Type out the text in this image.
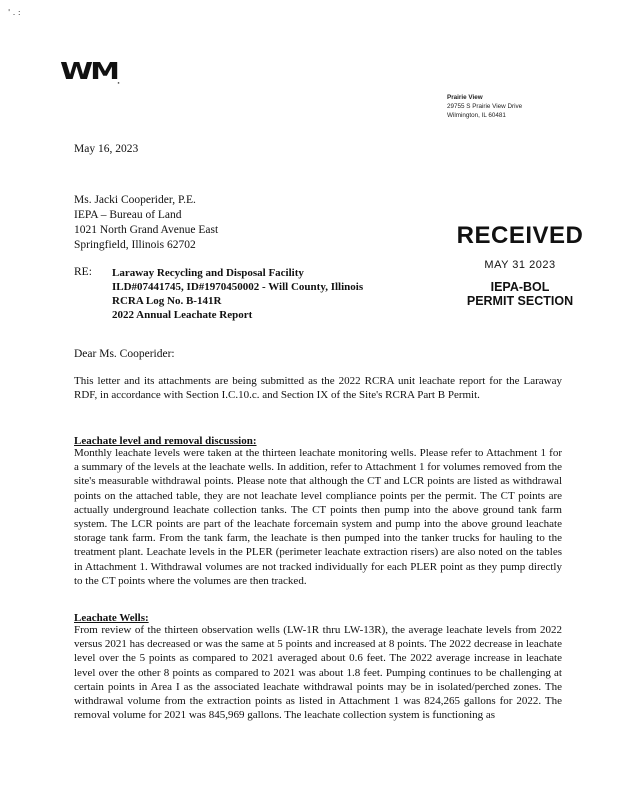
' . :
WM.
Prairie View
29755 S Prairie View Drive
Wilmington, IL 60481
May 16, 2023
Ms. Jacki Cooperider, P.E.
IEPA – Bureau of Land
1021 North Grand Avenue East
Springfield, Illinois 62702	RECEIVED
MAY 31 2023
IEPA-BOL
PERMIT SECTION
RE: Laraway Recycling and Disposal Facility
ILD#07441745, ID#1970450002 - Will County, Illinois
RCRA Log No. B-141R
2022 Annual Leachate Report
Dear Ms. Cooperider:
This letter and its attachments are being submitted as the 2022 RCRA unit leachate report for the Laraway RDF, in accordance with Section I.C.10.c. and Section IX of the Site's RCRA Part B Permit.
Leachate level and removal discussion:
Monthly leachate levels were taken at the thirteen leachate monitoring wells. Please refer to Attachment 1 for a summary of the levels at the leachate wells. In addition, refer to Attachment 1 for volumes removed from the site's measurable withdrawal points. Please note that although the CT and LCR points are listed as withdrawal points on the attached table, they are not leachate level compliance points per the permit. The CT points are actually underground leachate collection tanks. The CT points then pump into the above ground tank farm system. The LCR points are part of the leachate forcemain system and pump into the above ground leachate storage tank farm. From the tank farm, the leachate is then pumped into the tanker trucks for hauling to the treatment plant. Leachate levels in the PLER (perimeter leachate extraction risers) are also noted on the tables in Attachment 1. Withdrawal volumes are not tracked individually for each PLER point as they pump directly to the CT points where the volumes are then tracked.
Leachate Wells:
From review of the thirteen observation wells (LW-1R thru LW-13R), the average leachate levels from 2022 versus 2021 has decreased or was the same at 5 points and increased at 8 points. The 2022 decrease in leachate level over the 5 points as compared to 2021 averaged about 0.6 feet. The 2022 average increase in leachate level over the other 8 points as compared to 2021 was about 1.8 feet. Pumping continues to be challenging at certain points in Area I as the associated leachate withdrawal points may be in isolated/perched zones. The withdrawal volume from the extraction points as listed in Attachment 1 was 824,265 gallons for 2022. The removal volume for 2021 was 845,969 gallons. The leachate collection system is functioning as
